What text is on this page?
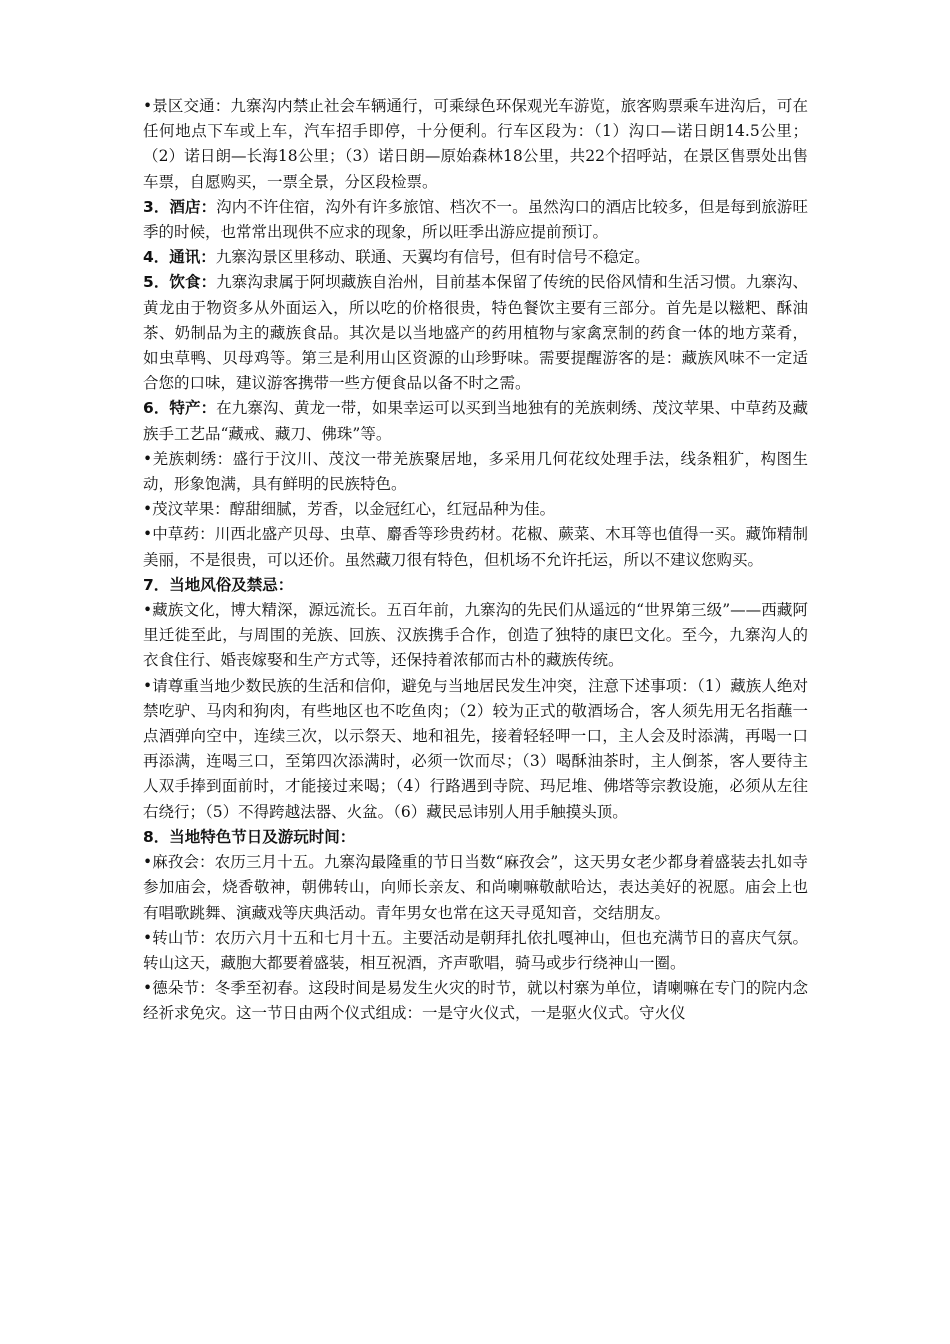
•景区交通：九寨沟内禁止社会车辆通行，可乘绿色环保观光车游览，旅客购票乘车进沟后，可在任何地点下车或上车，汽车招手即停，十分便利。行车区段为：（1）沟口—诺日朗14.5公里；（2）诺日朗—长海18公里；（3）诺日朗—原始森林18公里，共22个招呼站，在景区售票处出售车票，自愿购买，一票全景，分区段检票。

3．酒店：沟内不许住宿，沟外有许多旅馆、档次不一。虽然沟口的酒店比较多，但是每到旅游旺季的时候，也常常出现供不应求的现象，所以旺季出游应提前预订。

4．通讯：九寨沟景区里移动、联通、天翼均有信号，但有时信号不稳定。

5．饮食：九寨沟隶属于阿坝藏族自治州，目前基本保留了传统的民俗风情和生活习惯。九寨沟、黄龙由于物资多从外面运入，所以吃的价格很贵，特色餐饮主要有三部分。首先是以糍粑、酥油茶、奶制品为主的藏族食品。其次是以当地盛产的药用植物与家禽烹制的药食一体的地方菜肴，如虫草鸭、贝母鸡等。第三是利用山区资源的山珍野味。需要提醒游客的是：藏族风味不一定适合您的口味，建议游客携带一些方便食品以备不时之需。

6．特产：在九寨沟、黄龙一带，如果幸运可以买到当地独有的羌族刺绣、茂汶苹果、中草药及藏族手工艺品“藏戒、藏刀、佛珠”等。

•羌族刺绣：盛行于汶川、茂汶一带羌族聚居地，多采用几何花纹处理手法，线条粗犷，构图生动，形象饱满，具有鲜明的民族特色。

•茂汶苹果：醇甜细腻，芳香，以金冠红心，红冠品种为佳。

•中草药：川西北盛产贝母、虫草、麝香等珍贵药材。花椒、蕨菜、木耳等也值得一买。藏饰精制美丽，不是很贵，可以还价。虽然藏刀很有特色，但机场不允许托运，所以不建议您购买。

7．当地风俗及禁忌：

•藏族文化，博大精深，源远流长。五百年前，九寨沟的先民们从遥远的“世界第三级”——西藏阿里迁徙至此，与周围的羌族、回族、汉族携手合作，创造了独特的康巴文化。至今，九寨沟人的衣食住行、婚丧嫁娶和生产方式等，还保持着浓郁而古朴的藏族传统。

•请尊重当地少数民族的生活和信仰，避免与当地居民发生冲突，注意下述事项：（1）藏族人绝对禁吃驴、马肉和狗肉，有些地区也不吃鱼肉；（2）较为正式的敬酒场合，客人须先用无名指蘸一点酒弹向空中，连续三次，以示祭天、地和祖先，接着轻轻呷一口，主人会及时添满，再喝一口再添满，连喝三口，至第四次添满时，必须一饮而尽；（3）喝酥油茶时，主人倒茶，客人要待主人双手捧到面前时，才能接过来喝；（4）行路遇到寺院、玛尼堆、佛塔等宗教设施，必须从左往右绕行；（5）不得跨越法器、火盆。（6）藏民忌讳别人用手触摸头顶。

8．当地特色节日及游玩时间：

•麻孜会：农历三月十五。九寨沟最隆重的节日当数“麻孜会”，这天男女老少都身着盛装去扎如寺参加庙会，烧香敬神，朝佛转山，向师长亲友、和尚喇嘛敬献哈达，表达美好的祝愿。庙会上也有唱歌跳舞、演藏戏等庆典活动。青年男女也常在这天寻觅知音，交结朋友。

•转山节：农历六月十五和七月十五。主要活动是朝拜扎依扎嘎神山，但也充满节日的喜庆气氛。转山这天，藏胞大都要着盛装，相互祝酒，齐声歌唱，骑马或步行绕神山一圈。

•德朵节：冬季至初春。这段时间是易发生火灾的时节，就以村寨为单位，请喇嘛在专门的院内念经祈求免灾。这一节日由两个仪式组成：一是守火仪式，一是驱火仪式。守火仪
